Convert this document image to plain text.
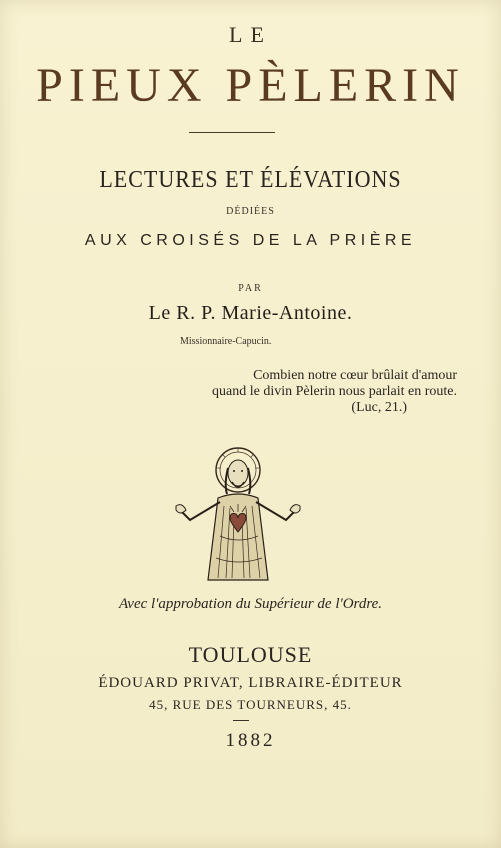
LE
PIEUX PÈLERIN
LECTURES ET ÉLÉVATIONS
DÉDIÉES
AUX CROISÉS DE LA PRIÈRE
PAR
Le R. P. Marie-Antoine.
Missionnaire-Capucin.
Combien notre cœur brûlait d'amour
quand le divin Pèlerin nous parlait en route.
(Luc, 21.)
Avec l'approbation du Supérieur de l'Ordre.
TOULOUSE
ÉDOUARD PRIVAT, LIBRAIRE-ÉDITEUR
45, RUE DES TOURNEURS, 45.
1882
